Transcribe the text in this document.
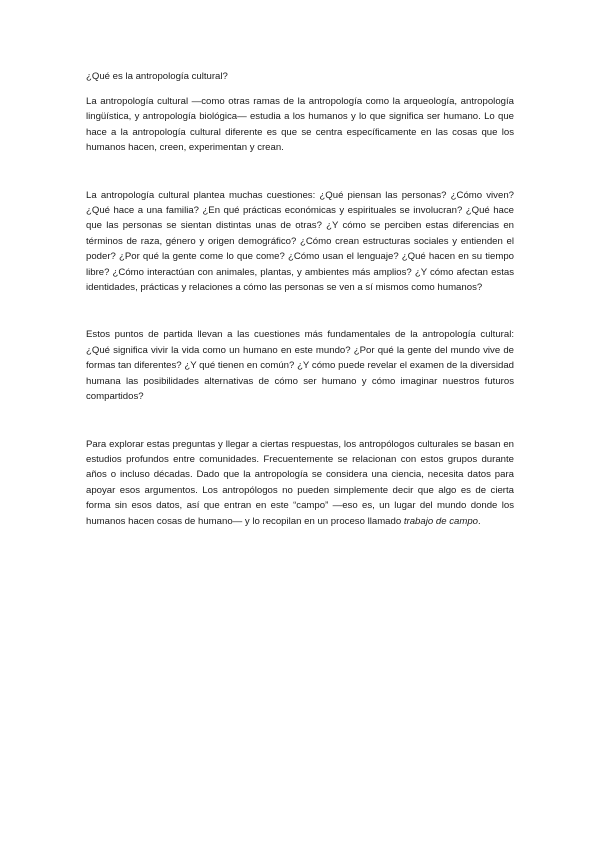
¿Qué es la antropología cultural?

La antropología cultural —como otras ramas de la antropología como la arqueología, antropología lingüística, y antropología biológica— estudia a los humanos y lo que significa ser humano. Lo que hace a la antropología cultural diferente es que se centra específicamente en las cosas que los humanos hacen, creen, experimentan y crean.

La antropología cultural plantea muchas cuestiones: ¿Qué piensan las personas? ¿Cómo viven? ¿Qué hace a una familia? ¿En qué prácticas económicas y espirituales se involucran? ¿Qué hace que las personas se sientan distintas unas de otras? ¿Y cómo se perciben estas diferencias en términos de raza, género y origen demográfico? ¿Cómo crean estructuras sociales y entienden el poder? ¿Por qué la gente come lo que come? ¿Cómo usan el lenguaje? ¿Qué hacen en su tiempo libre? ¿Cómo interactúan con animales, plantas, y ambientes más amplios? ¿Y cómo afectan estas identidades, prácticas y relaciones a cómo las personas se ven a sí mismos como humanos?

Estos puntos de partida llevan a las cuestiones más fundamentales de la antropología cultural: ¿Qué significa vivir la vida como un humano en este mundo? ¿Por qué la gente del mundo vive de formas tan diferentes? ¿Y qué tienen en común? ¿Y cómo puede revelar el examen de la diversidad humana las posibilidades alternativas de cómo ser humano y cómo imaginar nuestros futuros compartidos?

Para explorar estas preguntas y llegar a ciertas respuestas, los antropólogos culturales se basan en estudios profundos entre comunidades. Frecuentemente se relacionan con estos grupos durante años o incluso décadas. Dado que la antropología se considera una ciencia, necesita datos para apoyar esos argumentos. Los antropólogos no pueden simplemente decir que algo es de cierta forma sin esos datos, así que entran en este “campo” —eso es, un lugar del mundo donde los humanos hacen cosas de humano— y lo recopilan en un proceso llamado trabajo de campo.
